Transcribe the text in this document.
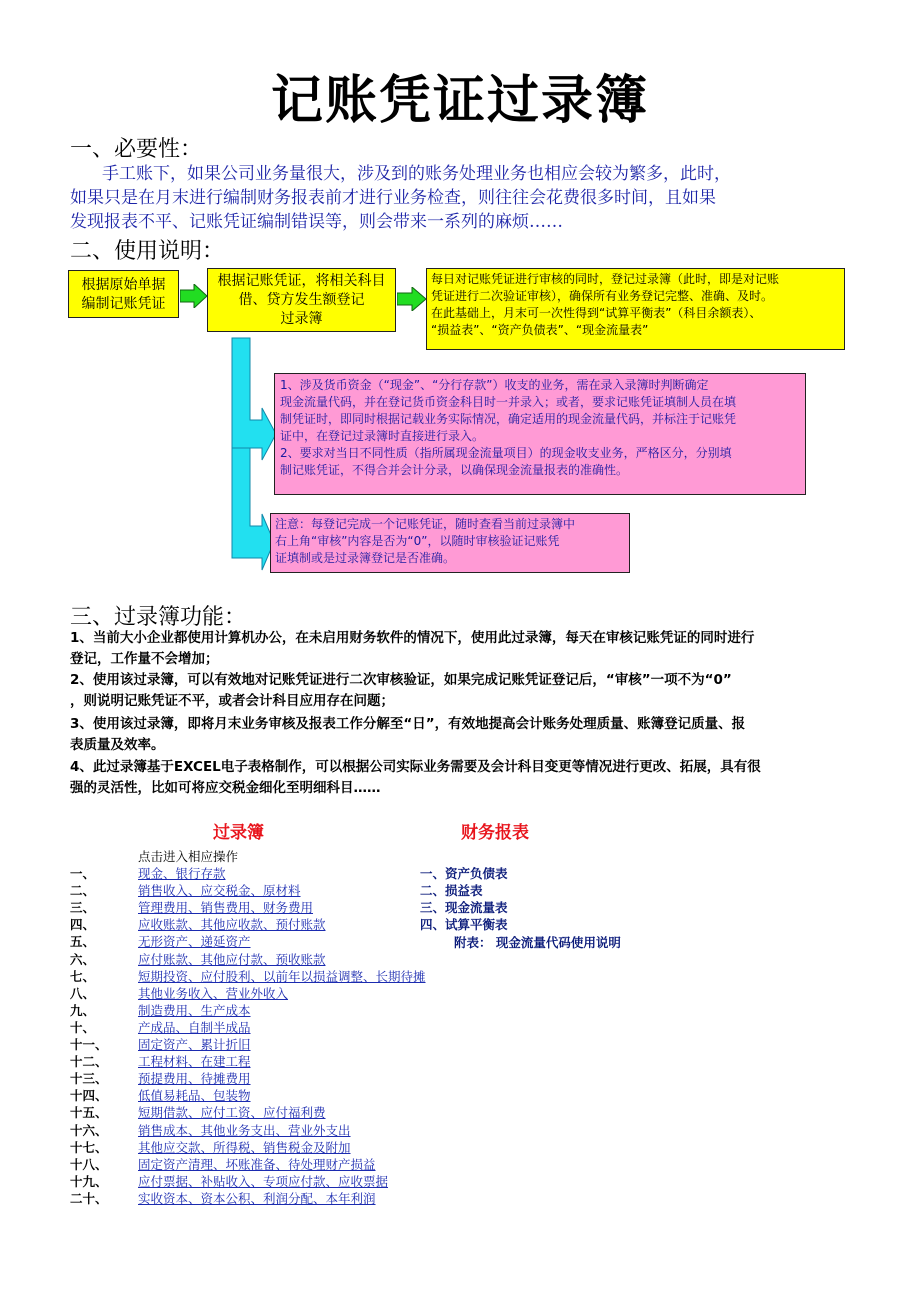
记账凭证过录簿
一、必要性：
手工账下，如果公司业务量很大，涉及到的账务处理业务也相应会较为繁多，此时，
如果只是在月末进行编制财务报表前才进行业务检查，则往往会花费很多时间，且如果
发现报表不平、记账凭证编制错误等，则会带来一系列的麻烦……
二、使用说明：
根据原始单据
编制记账凭证
根据记账凭证，将相关科目
借、贷方发生额登记
过录簿
每日对记账凭证进行审核的同时，登记过录簿（此时，即是对记账
凭证进行二次验证审核），确保所有业务登记完整、准确、及时。
在此基础上，月末可一次性得到“试算平衡表”（科目余额表）、
“损益表”、“资产负债表”、“现金流量表”
1、涉及货币资金（“现金”、“分行存款”）收支的业务，需在录入录簿时判断确定
现金流量代码，并在登记货币资金科目时一并录入；或者，要求记账凭证填制人员在填
制凭证时，即同时根据记载业务实际情况，确定适用的现金流量代码，并标注于记账凭
证中，在登记过录簿时直接进行录入。
2、要求对当日不同性质（指所属现金流量项目）的现金收支业务，严格区分，分别填
制记账凭证，不得合并会计分录，以确保现金流量报表的准确性。
注意：每登记完成一个记账凭证，随时查看当前过录簿中
右上角“审核”内容是否为“0”，以随时审核验证记账凭
证填制或是过录簿登记是否准确。
三、过录簿功能：
1、当前大小企业都使用计算机办公，在未启用财务软件的情况下，使用此过录簿，每天在审核记账凭证的同时进行
登记，工作量不会增加；
2、使用该过录簿，可以有效地对记账凭证进行二次审核验证，如果完成记账凭证登记后，“审核”一项不为“0”
，则说明记账凭证不平，或者会计科目应用存在问题；
3、使用该过录簿，即将月末业务审核及报表工作分解至“日”，有效地提高会计账务处理质量、账簿登记质量、报
表质量及效率。
4、此过录簿基于EXCEL电子表格制作，可以根据公司实际业务需要及会计科目变更等情况进行更改、拓展，具有很
强的灵活性，比如可将应交税金细化至明细科目……
过录簿	财务报表
点击进入相应操作
一、	现金、银行存款
二、	销售收入、应交税金、原材料
三、	管理费用、销售费用、财务费用
四、	应收账款、其他应收款、预付账款
五、	无形资产、递延资产
六、	应付账款、其他应付款、预收账款
七、	短期投资、应付股利、以前年以损益调整、长期待摊
八、	其他业务收入、营业外收入
九、	制造费用、生产成本
十、	产成品、自制半成品
十一、 固定资产、累计折旧
十二、 工程材料、在建工程
十三、 预提费用、待摊费用
十四、 低值易耗品、包装物
十五、 短期借款、应付工资、应付福利费
十六、 销售成本、其他业务支出、营业外支出
十七、 其他应交款、所得税、销售税金及附加
十八、 固定资产清理、坏账准备、待处理财产损益
十九、 应付票据、补贴收入、专项应付款、应收票据
二十、 实收资本、资本公积、利润分配、本年利润
一、资产负债表
二、损益表
三、现金流量表
四、试算平衡表
附表： 现金流量代码使用说明
